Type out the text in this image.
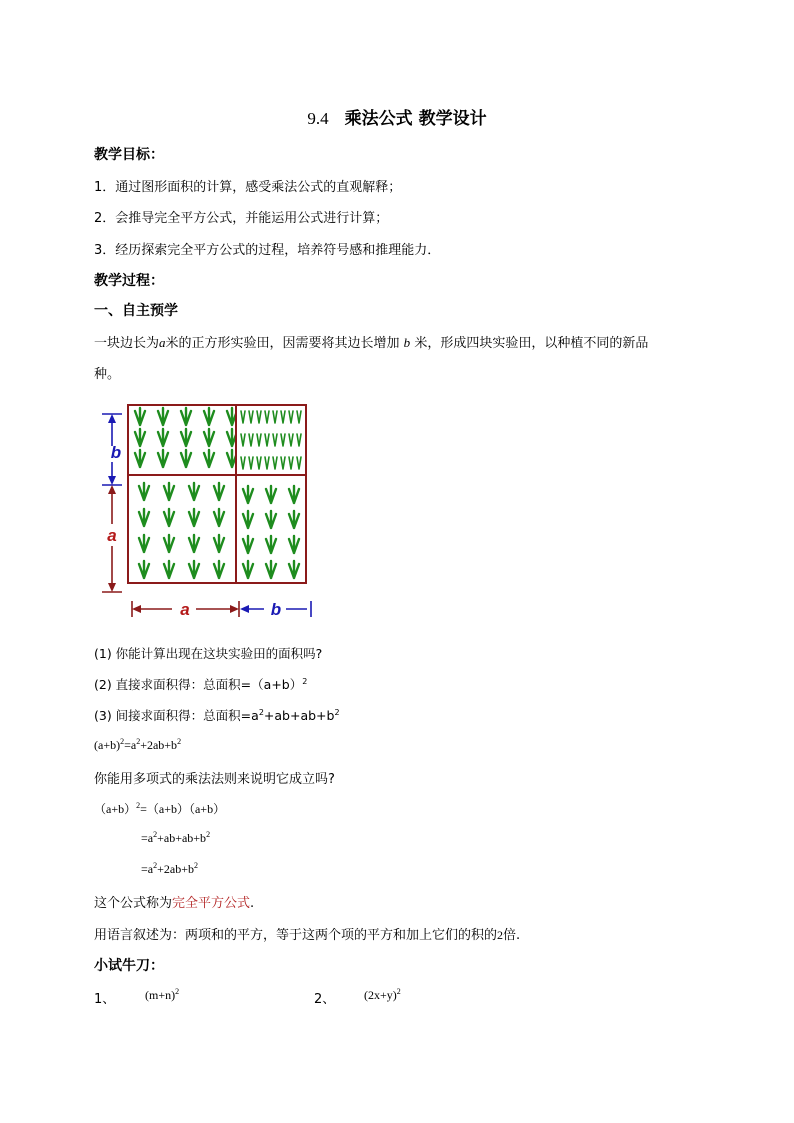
9.4 乘法公式 教学设计
教学目标：
1．通过图形面积的计算，感受乘法公式的直观解释；
2．会推导完全平方公式，并能运用公式进行计算；
3．经历探索完全平方公式的过程，培养符号感和推理能力．
教学过程：
一、自主预学
一块边长为a米的正方形实验田，因需要将其边长增加 b 米，形成四块实验田，以种植不同的新品
种。
b
a
a	b
(1) 你能计算出现在这块实验田的面积吗?
(2) 直接求面积得：总面积$=(a+b)^2$
(3) 间接求面积得：总面积$=a^2+ab+ab+b^2$
$(a+b)^2=a^2+2ab+b^2$
你能用多项式的乘法法则来说明它成立吗?
$(a+b)^2=(a+b)(a+b)$
$=a^2+ab+ab+b^2$
$=a^2+2ab+b^2$
这个公式称为完全平方公式.
用语言叙述为：两项和的平方，等于这两个项的平方和加上它们的积的2倍.
小试牛刀：
1、 $(m+n)^2$
2、 $(2x+y)^2$
